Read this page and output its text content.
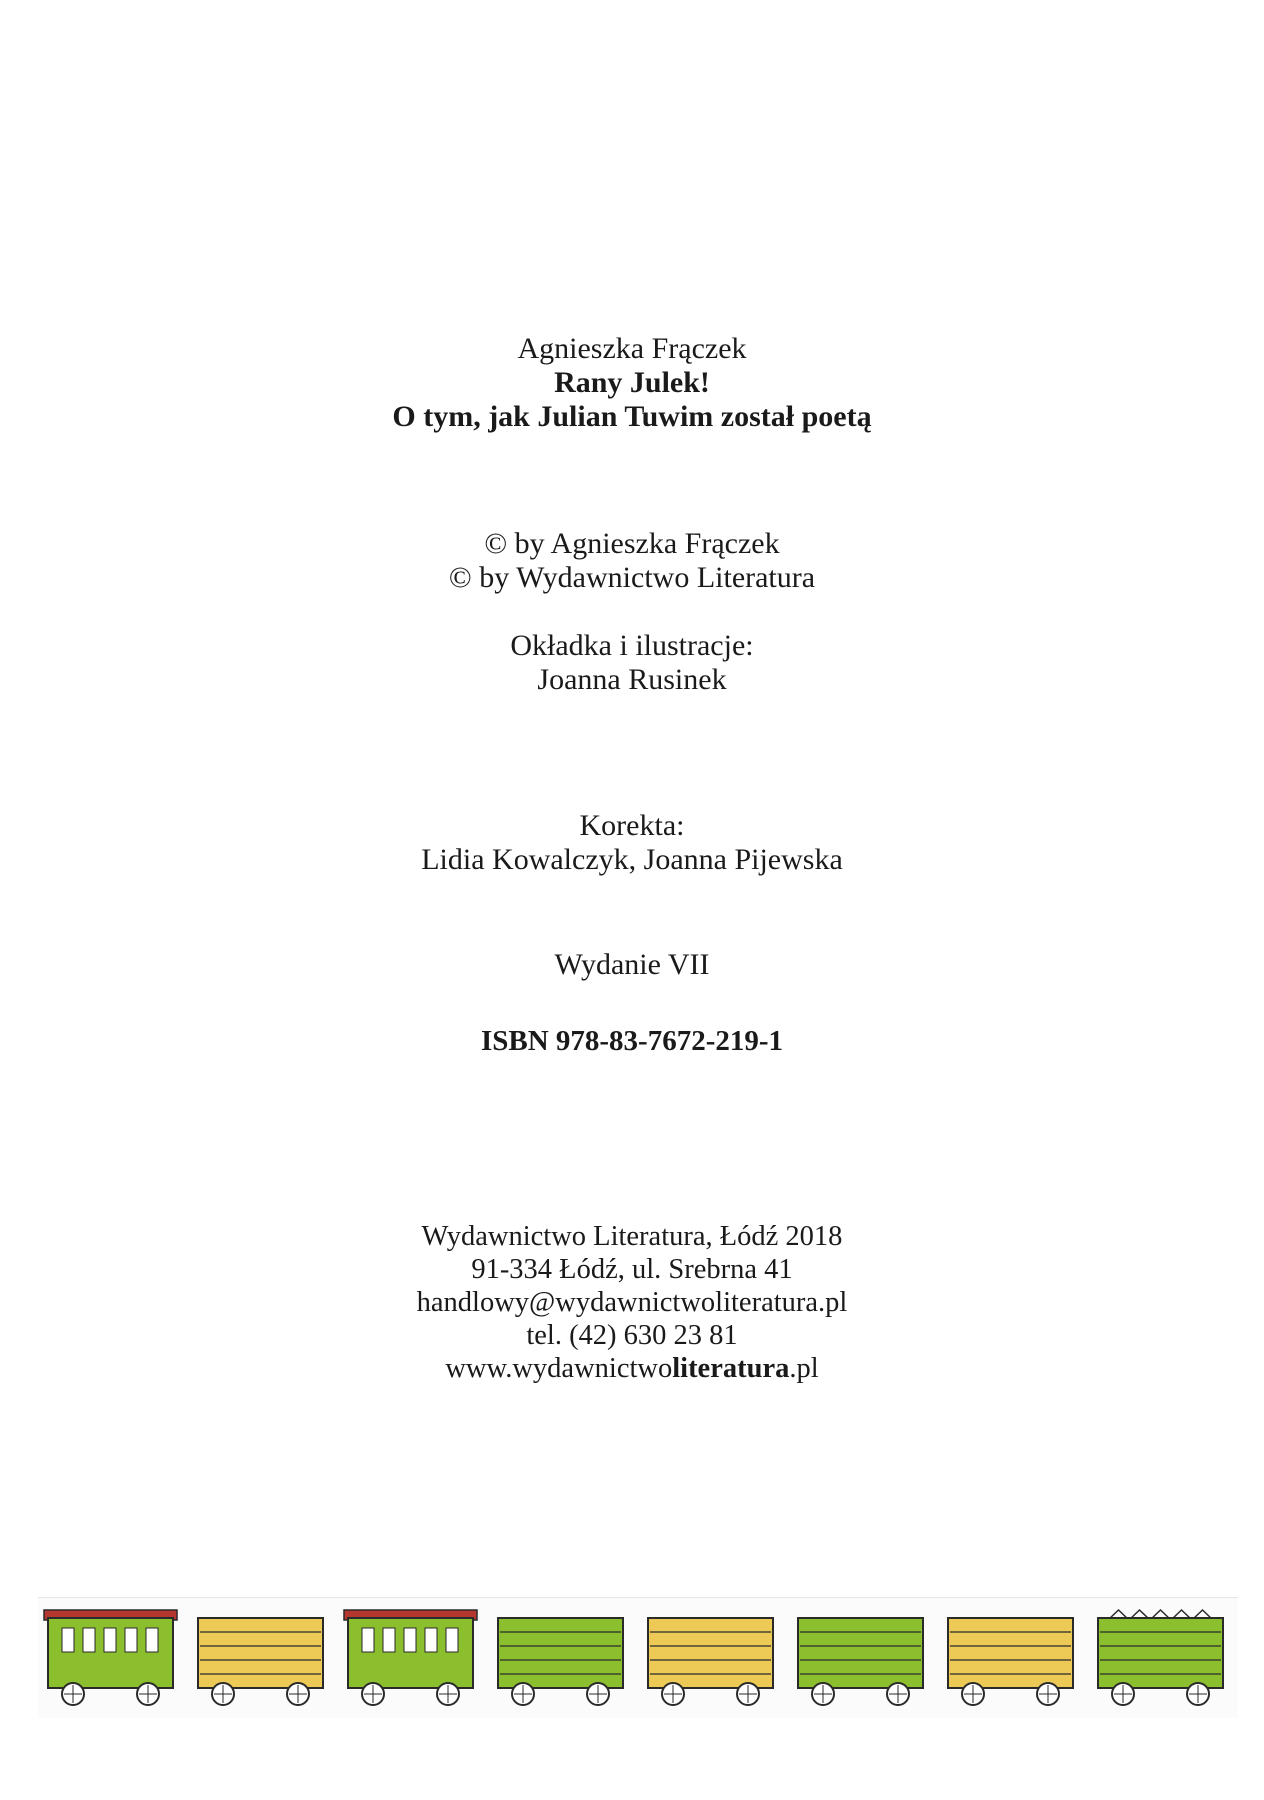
Agnieszka Frączek
Rany Julek!
O tym, jak Julian Tuwim został poetą
© by Agnieszka Frączek
© by Wydawnictwo Literatura
Okładka i ilustracje:
Joanna Rusinek
Korekta:
Lidia Kowalczyk, Joanna Pijewska
Wydanie VII
ISBN 978-83-7672-219-1
Wydawnictwo Literatura, Łódź 2018
91-334 Łódź, ul. Srebrna 41
handlowy@wydawnictwoliteratura.pl
tel. (42) 630 23 81
www.wydawnictwoliteratura.pl
